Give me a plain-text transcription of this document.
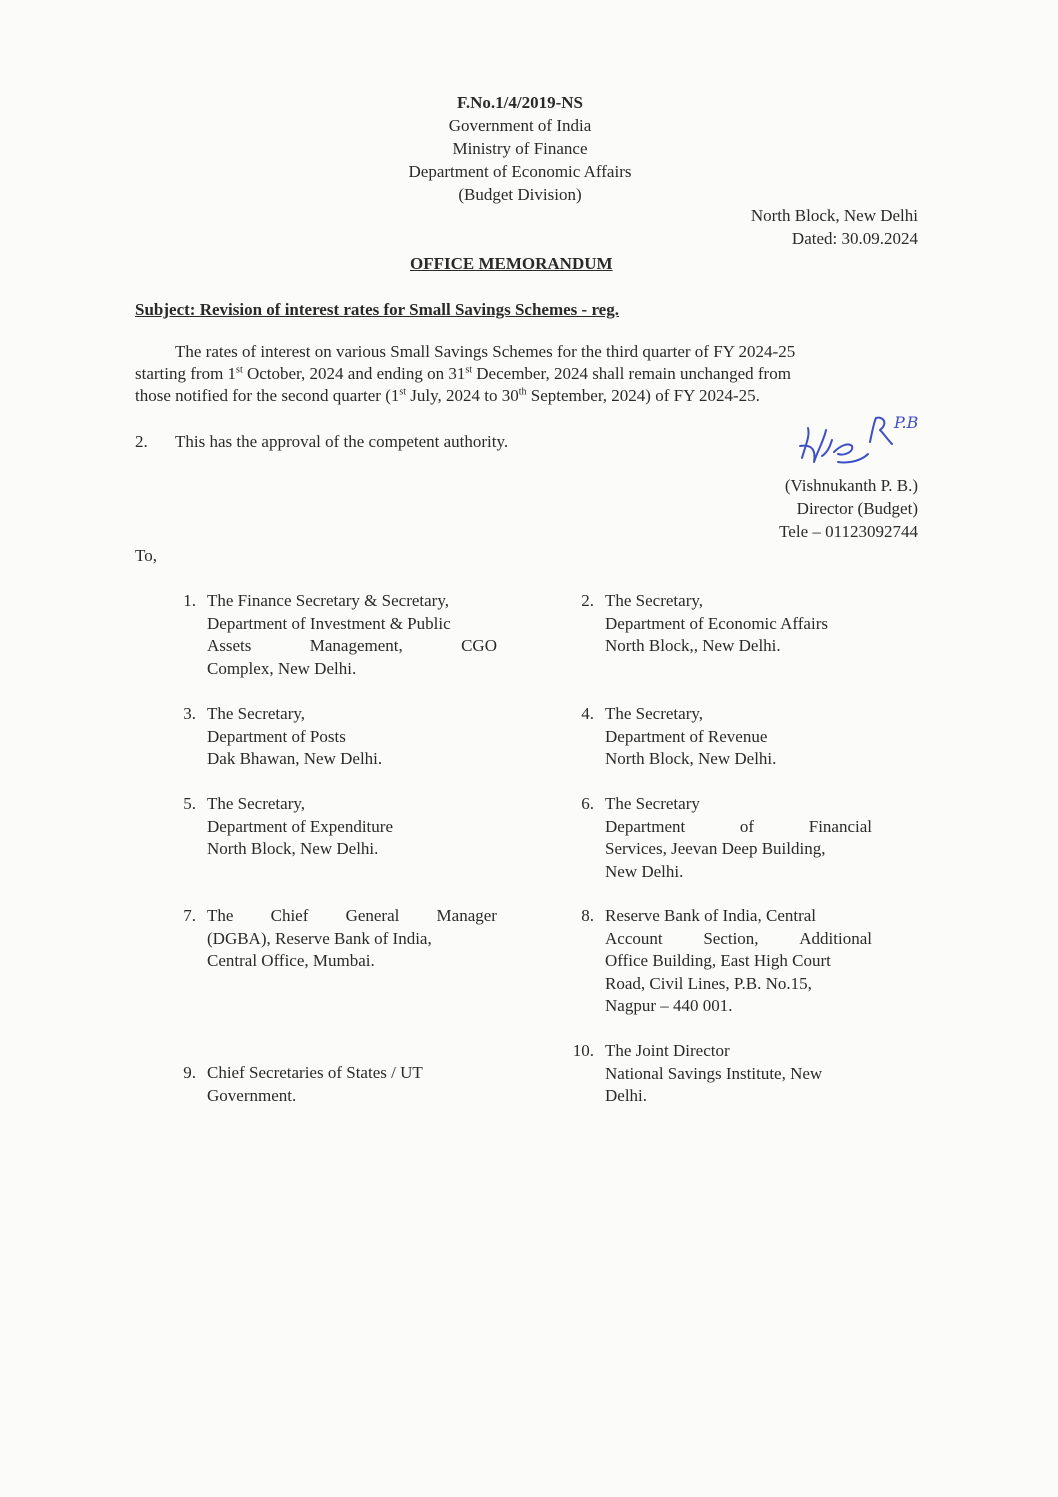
F.No.1/4/2019-NS
Government of India
Ministry of Finance
Department of Economic Affairs
(Budget Division)
North Block, New Delhi
Dated: 30.09.2024
OFFICE MEMORANDUM
Subject: Revision of interest rates for Small Savings Schemes - reg.
The rates of interest on various Small Savings Schemes for the third quarter of FY 2024-25
starting from 1st October, 2024 and ending on 31st December, 2024 shall remain unchanged from
those notified for the second quarter (1st July, 2024 to 30th September, 2024) of FY 2024-25.
2. This has the approval of the competent authority.
P.B
(Vishnukanth P. B.)
Director (Budget)
Tele – 01123092744
To,
1. The Finance Secretary & Secretary,
Department of Investment & Public
Assets	Management,	CGO
Complex, New Delhi.
2. The Secretary,
Department of Economic Affairs
North Block,, New Delhi.
3. The Secretary,
Department of Posts
Dak Bhawan, New Delhi.
4. The Secretary,
Department of Revenue
North Block, New Delhi.
5. The Secretary,
Department of Expenditure
North Block, New Delhi.
6. The Secretary
Department	of	Financial
Services, Jeevan Deep Building,
New Delhi.
7. The Chief General Manager
(DGBA), Reserve Bank of India,
Central Office, Mumbai.
8. Reserve Bank of India, Central
Account Section, Additional
Office Building, East High Court
Road, Civil Lines, P.B. No.15,
Nagpur – 440 001.
9. Chief Secretaries of States / UT
Government.
10. The Joint Director
National Savings Institute, New
Delhi.
